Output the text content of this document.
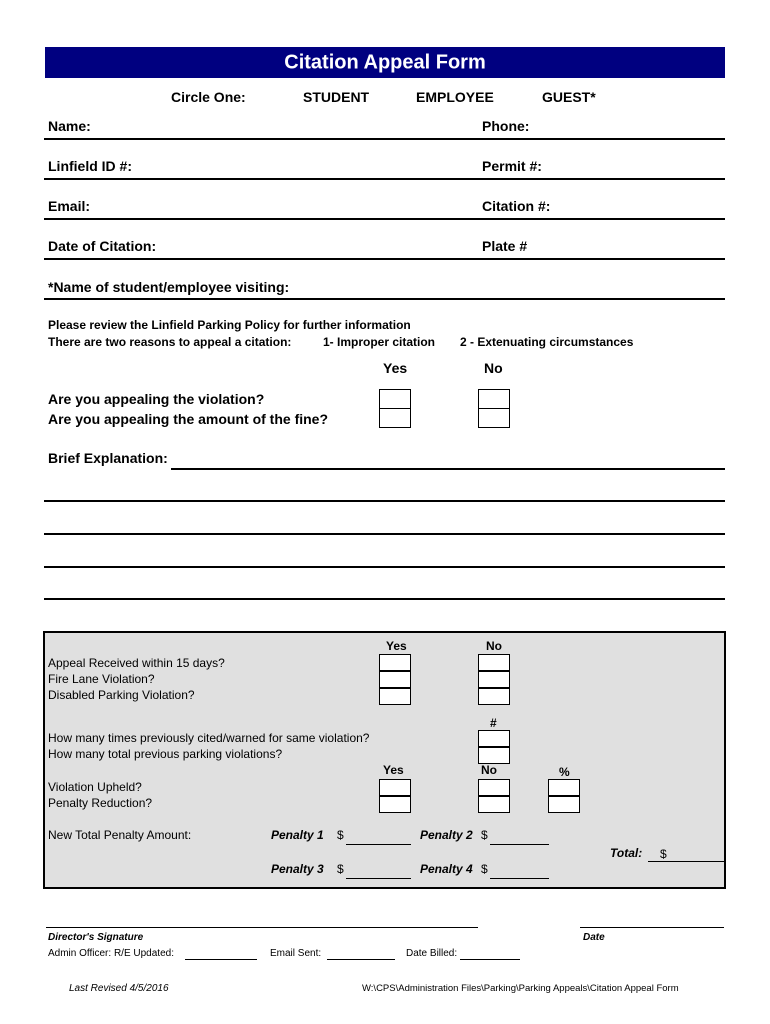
Citation Appeal Form
Circle One:	STUDENT	EMPLOYEE	GUEST*
Name:	Phone:
Linfield ID #:	Permit #:
Email:	Citation #:
Date of Citation:	Plate #
*Name of student/employee visiting:
Please review the Linfield Parking Policy for further information
There are two reasons to appeal a citation:	1- Improper citation 2 - Extenuating circumstances
Yes	No
Are you appealing the violation?
Are you appealing the amount of the fine?
Brief Explanation:
Yes	No
Appeal Received within 15 days?
Fire Lane Violation?
Disabled Parking Violation?
#
How many times previously cited/warned for same violation?
How many total previous parking violations?
Yes	No	%
Violation Upheld?
Penalty Reduction?
New Total Penalty Amount:	Penalty 1 $	Penalty 2 $
Total: $
Penalty 3 $	Penalty 4 $
Director's Signature	Date
Admin Officer: R/E Updated:	Email Sent:	Date Billed:
Last Revised 4/5/2016	W:\CPS\Administration Files\Parking\Parking Appeals\Citation Appeal Form
